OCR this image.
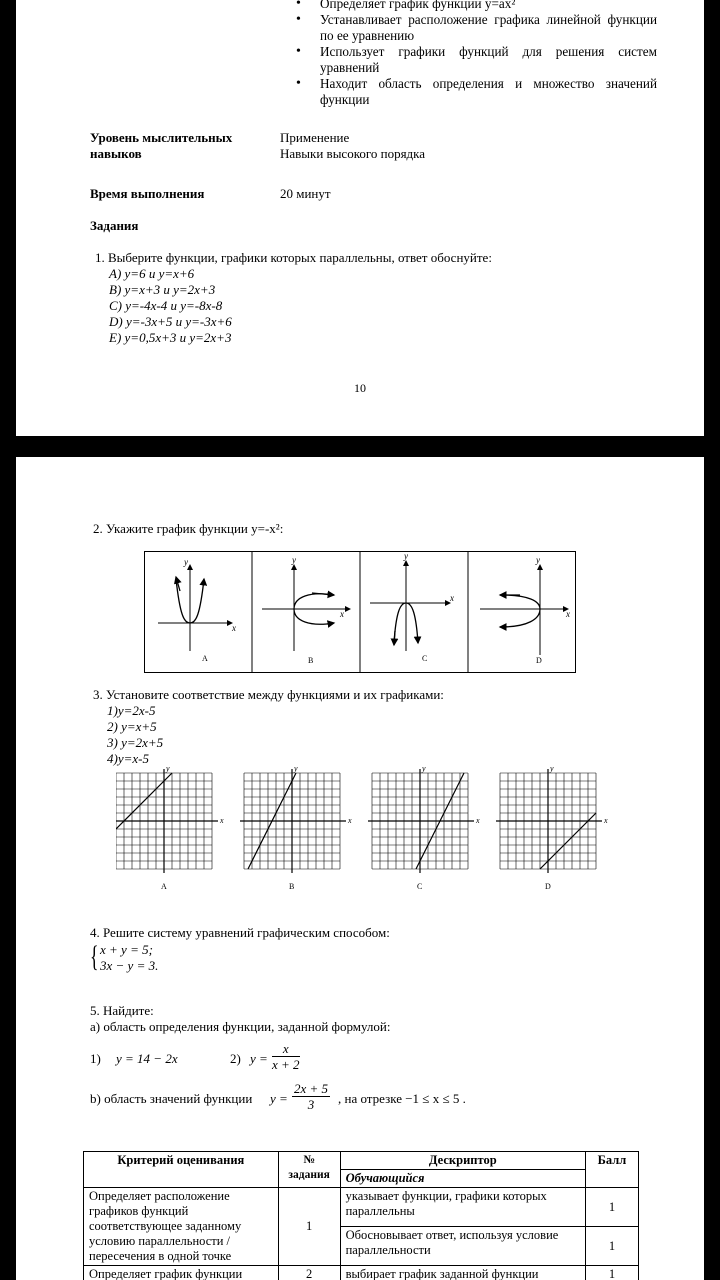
• Определяет график функции y=ax²
• Устанавливает расположение графика линейной функции по ее уравнению
• Использует графики функций для решения систем уравнений
• Находит область определения и множество значений функции
Уровень мыслительных навыков
Применение
Навыки высокого порядка
Время выполнения	20 минут
Задания
1. Выберите функции, графики которых параллельны, ответ обоснуйте:
A) y=6 и y=x+6
B) y=x+3 и y=2x+3
C) y=-4x-4 и y=-8x-8
D) y=-3x+5 и y=-3x+6
E) y=0,5x+3 и y=2x+3
10
2. Укажите график функции y=-x²:
x
y
A
x
y
B
x
y
C
x
y
D
3. Установите соответствие между функциями и их графиками:
1)y=2x-5
2) y=x+5
3) y=2x+5
4)y=x-5
x
y
A
x
y
B
x
y
C
x
y
D
4. Решите систему уравнений графическим способом:
{ x + y = 5;
3x − y = 3.
5. Найдите:
а) область определения функции, заданной формулой:
1) y = 14 − 2x	2) $y = \frac{x}{x + 2}$
b) область значений функции $y = \frac{2x + 5}{3}$ , на отрезке −1 ≤ x ≤ 5 .
Критерий оценивания	№ задания	Дескриптор	Балл
		Обучающийся	
Определяет расположение графиков функций соответствующее заданному условию параллельности / пересечения в одной точке	1	указывает функции, графики которых параллельны	1
		Обосновывает ответ, используя условие параллельности	1
Определяет график функции	2	выбирает график заданной функции	1
